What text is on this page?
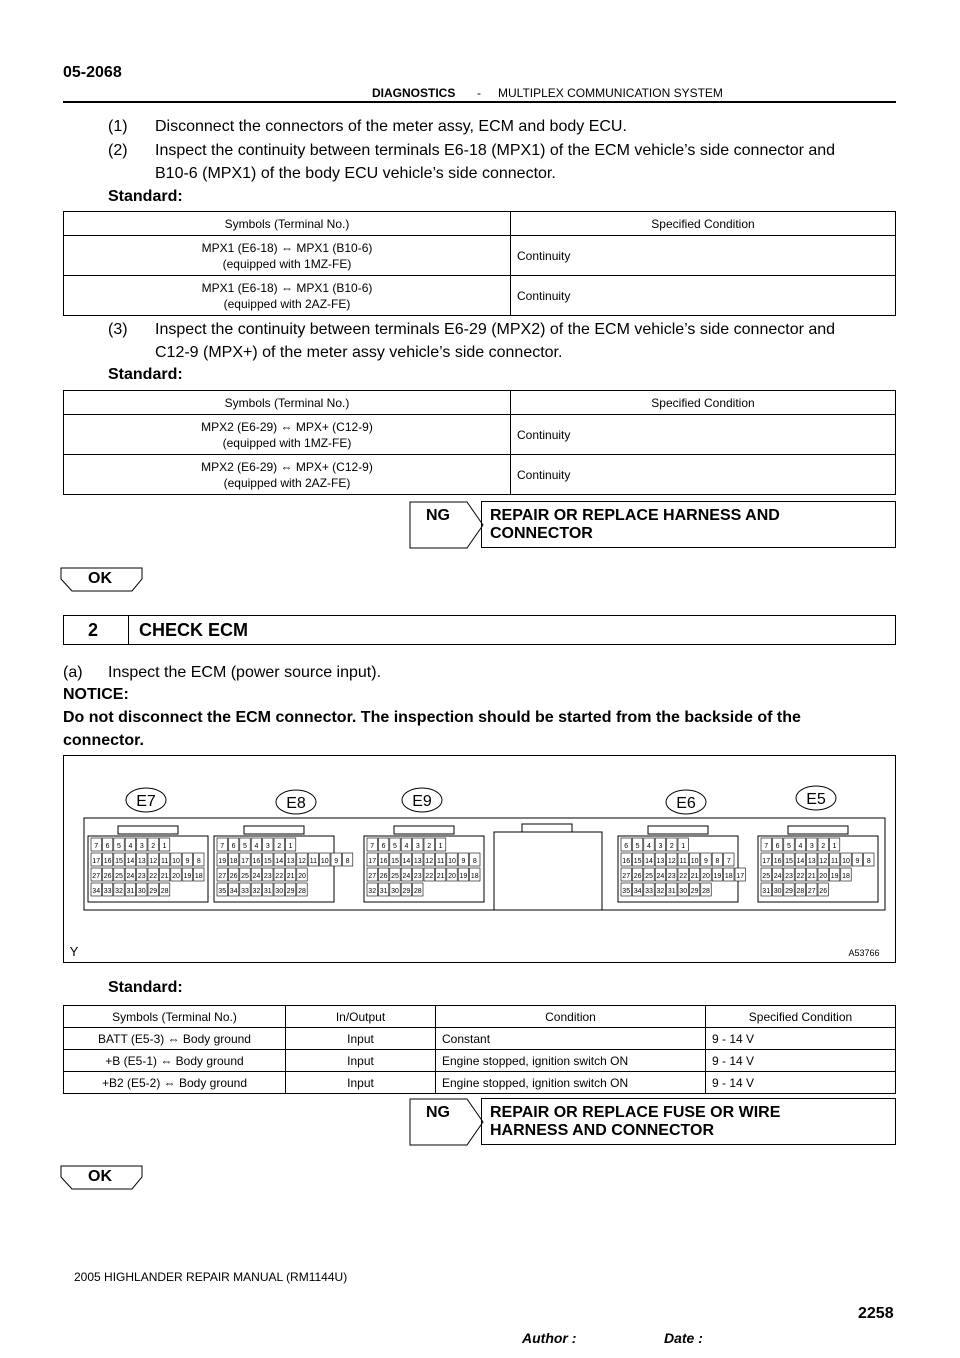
05-2068
DIAGNOSTICS - MULTIPLEX COMMUNICATION SYSTEM
(1) Disconnect the connectors of the meter assy, ECM and body ECU.
(2) Inspect the continuity between terminals E6-18 (MPX1) of the ECM vehicle’s side connector and
B10-6 (MPX1) of the body ECU vehicle’s side connector.
Standard:
Symbols (Terminal No.)	Specified Condition

MPX1 (E6-18) ⇔ MPX1 (B10-6)
(equipped with 1MZ-FE)	Continuity

MPX1 (E6-18) ⇔ MPX1 (B10-6)
(equipped with 2AZ-FE)	Continuity
(3) Inspect the continuity between terminals E6-29 (MPX2) of the ECM vehicle’s side connector and
C12-9 (MPX+) of the meter assy vehicle’s side connector.
Standard:
Symbols (Terminal No.)	Specified Condition

MPX2 (E6-29) ⇔ MPX+ (C12-9)
(equipped with 1MZ-FE)	Continuity

MPX2 (E6-29) ⇔ MPX+ (C12-9)
(equipped with 2AZ-FE)	Continuity
NG	REPAIR OR REPLACE HARNESS AND
CONNECTOR
OK
2 CHECK ECM
(a) Inspect the ECM (power source input).
NOTICE:
Do not disconnect the ECM connector. The inspection should be started from the backside of the
connector.
E7
7 6 5 4 3 2 1
17 16 15 14 13 12 11 10 9 8
27 26 25 24 23 22 21 20 19 18
34 33 32 31 30 29 28
E8
7 6 5 4 3 2 1
19 18 17 16 15 14 13 12 11 10 9 8
27 26 25 24 23 22 21 20
35 34 33 32 31 30 29 28
E9
7 6 5 4 3 2 1
17 16 15 14 13 12 11 10 9 8
27 26 25 24 23 22 21 20 19 18
32 31 30 29 28
E6
6 5 4 3 2 1
16 15 14 13 12 11 10 9 8 7
27 26 25 24 23 22 21 20 19 18 17
35 34 33 32 31 30 29 28
E5
7 6 5 4 3 2 1
17 16 15 14 13 12 11 10 9 8
25 24 23 22 21 20 19 18
31 30 29 28 27 26
Y	A53766
Standard:
Symbols (Terminal No.)	In/Output	Condition	Specified Condition
BATT (E5-3) ⇔ Body ground	Input	Constant	9 - 14 V
+B (E5-1) ⇔ Body ground	Input	Engine stopped, ignition switch ON	9 - 14 V
+B2 (E5-2) ⇔ Body ground	Input	Engine stopped, ignition switch ON	9 - 14 V
NG	REPAIR OR REPLACE FUSE OR WIRE
HARNESS AND CONNECTOR
OK
2005 HIGHLANDER REPAIR MANUAL (RM1144U)
2258
Author :	Date :
